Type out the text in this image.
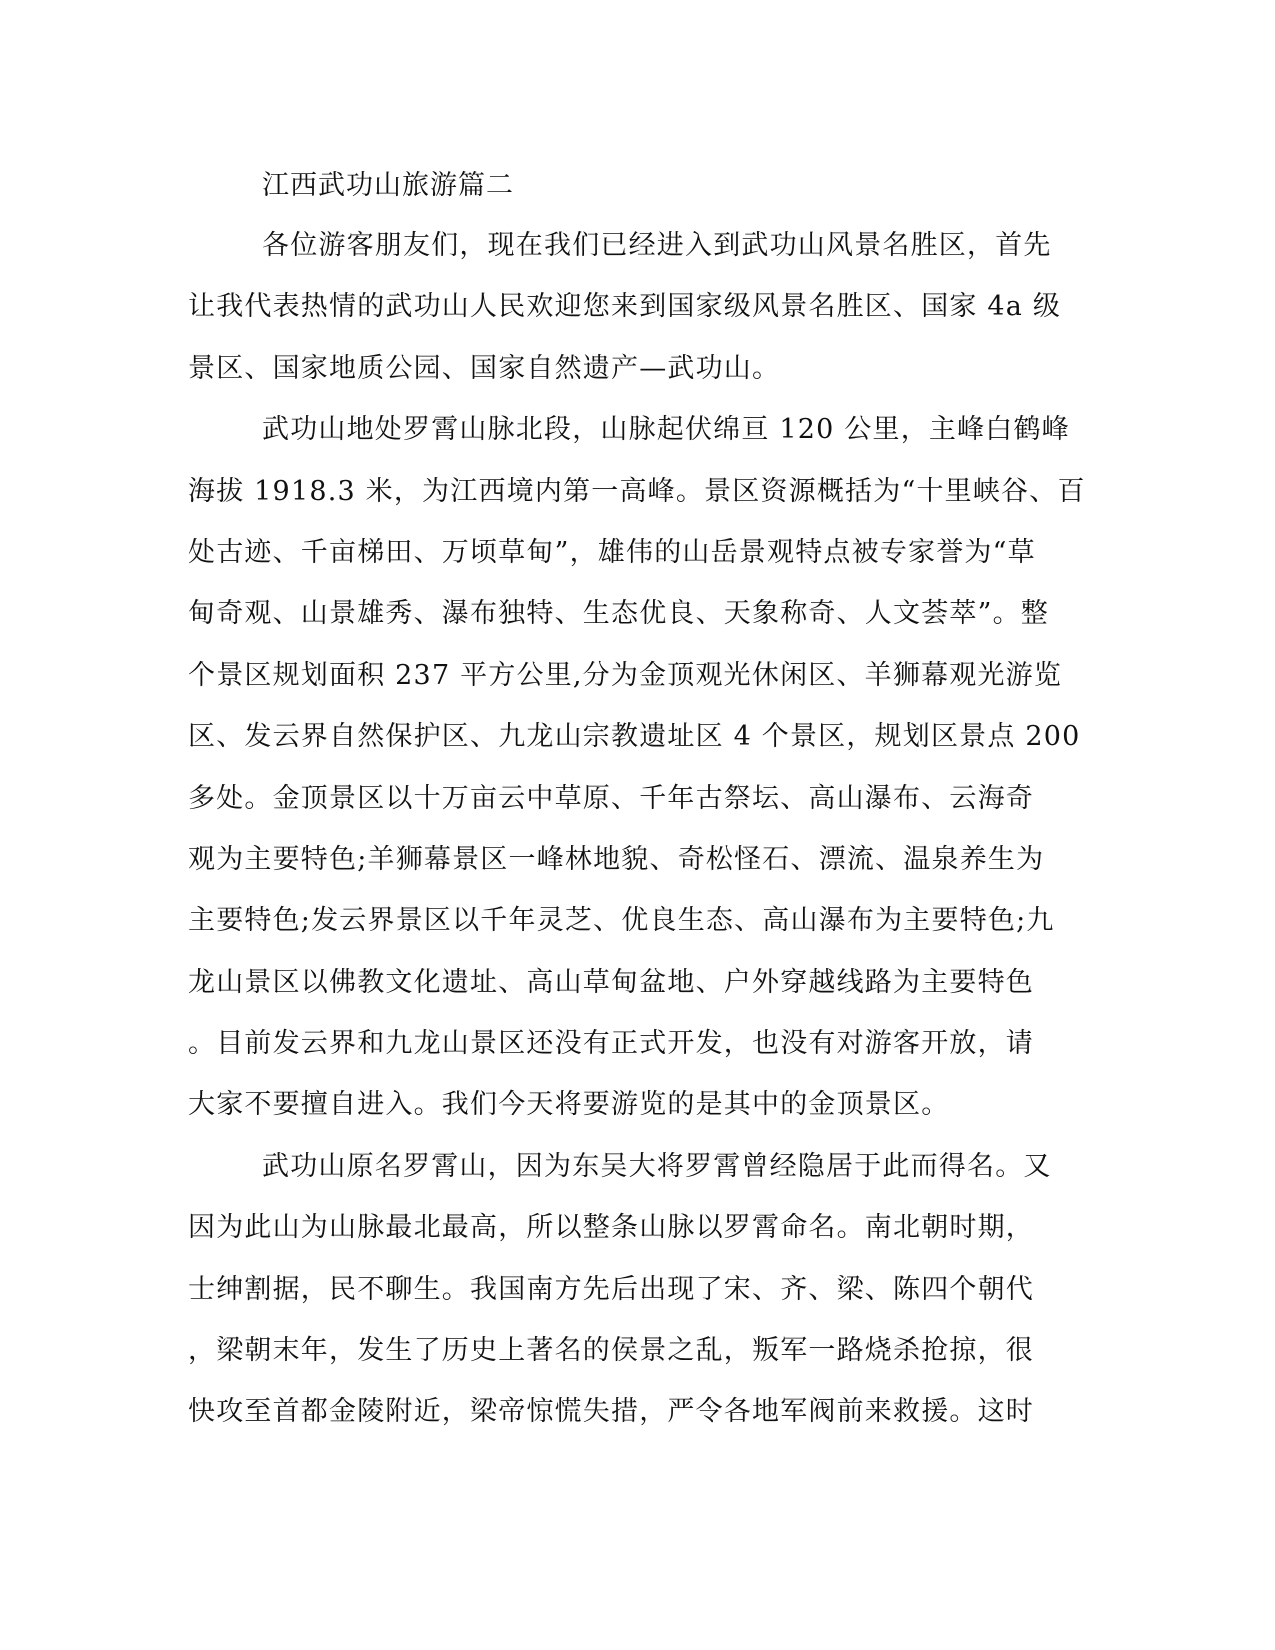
江西武功山旅游篇二
各位游客朋友们，现在我们已经进入到武功山风景名胜区，首先
让我代表热情的武功山人民欢迎您来到国家级风景名胜区、国家 4a 级
景区、国家地质公园、国家自然遗产—武功山。
武功山地处罗霄山脉北段，山脉起伏绵亘 120 公里，主峰白鹤峰
海拔 1918.3 米，为江西境内第一高峰。景区资源概括为“十里峡谷、百
处古迹、千亩梯田、万顷草甸”，雄伟的山岳景观特点被专家誉为“草
甸奇观、山景雄秀、瀑布独特、生态优良、天象称奇、人文荟萃”。整
个景区规划面积 237 平方公里,分为金顶观光休闲区、羊狮幕观光游览
区、发云界自然保护区、九龙山宗教遗址区 4 个景区，规划区景点 200
多处。金顶景区以十万亩云中草原、千年古祭坛、高山瀑布、云海奇
观为主要特色;羊狮幕景区一峰林地貌、奇松怪石、漂流、温泉养生为
主要特色;发云界景区以千年灵芝、优良生态、高山瀑布为主要特色;九
龙山景区以佛教文化遗址、高山草甸盆地、户外穿越线路为主要特色
。目前发云界和九龙山景区还没有正式开发，也没有对游客开放，请
大家不要擅自进入。我们今天将要游览的是其中的金顶景区。
武功山原名罗霄山，因为东吴大将罗霄曾经隐居于此而得名。又
因为此山为山脉最北最高，所以整条山脉以罗霄命名。南北朝时期，
士绅割据，民不聊生。我国南方先后出现了宋、齐、梁、陈四个朝代
，梁朝末年，发生了历史上著名的侯景之乱，叛军一路烧杀抢掠，很
快攻至首都金陵附近，梁帝惊慌失措，严令各地军阀前来救援。这时
